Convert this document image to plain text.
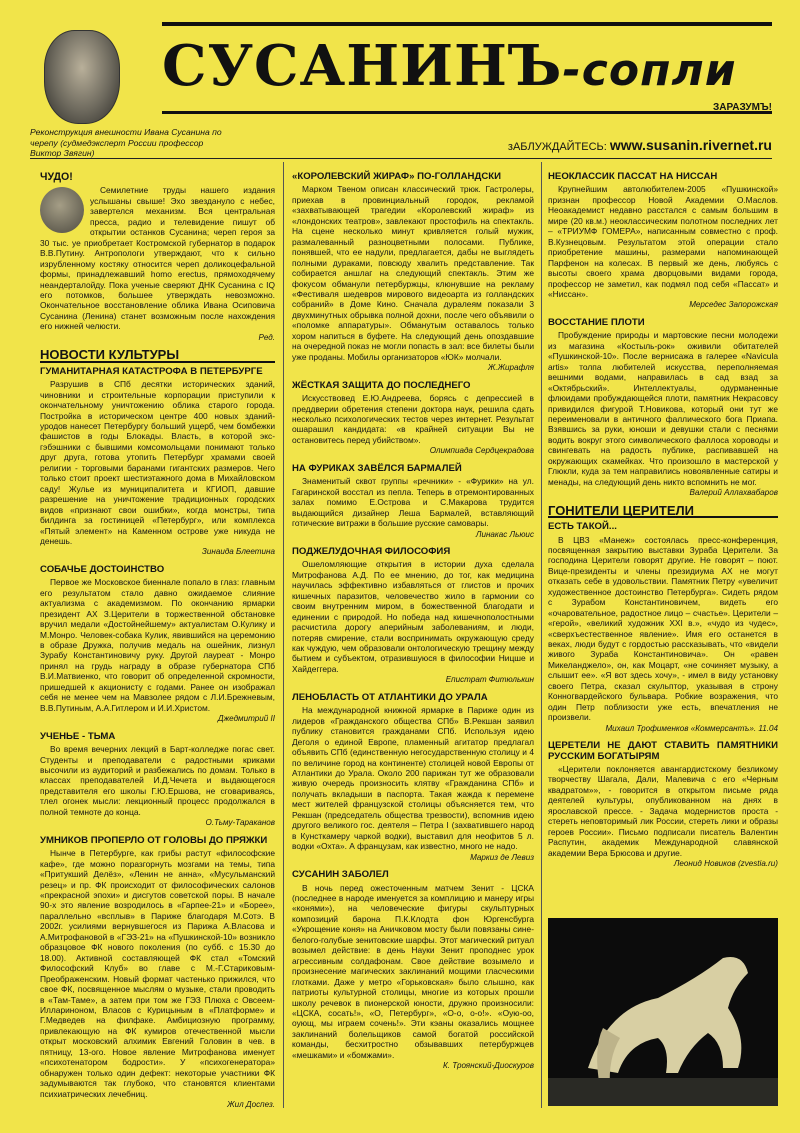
Реконструкция внешности Ивана Сусанина по черепу (судмедэксперт России профессор Виктор Звягин)
СУСАНИНЪ-сопли
ЗАРАЗУМЪ!
зАБЛУЖДАЙТЕСЬ: www.susanin.rivernet.ru
ЧУДО!

Семилетние труды нашего издания услышаны свыше! Эхо звездануло с небес, завертелся механизм. Вся центральная пресса, радио и телевидение пишут об открытии останков Сусанина; череп героя за 30 тыс. уе приобретает Костромской губернатор в подарок В.В.Путину. Антропологи утверждают, что к сильно изрубленному костяку относится череп доликоцефальной формы, принадлежавший homo erectus, прямоходячему неандерталойду. Пока ученые сверяют ДНК Сусанина с IQ его потомков, большее утверждать невозможно. Окончательное восстановление облика Ивана Осиповича Сусанина (Ленина) станет возможным после нахождения его нижней челюсти.

Ред.
НОВОСТИ КУЛЬТУРЫ
ГУМАНИТАРНАЯ КАТАСТРОФА В ПЕТЕРБУРГЕ

Разрушив в СПб десятки исторических зданий, чиновники и строительные корпорации приступили к окончательному уничтожению облика старого города. Постройка в историческом центре 400 новых зданий-уродов нанесет Петербургу больший ущерб, чем бомбежки фашистов в годы Блокады. Власть, в которой экс-гэбэшники с бывшими комсомольцами понимают только друг друга, готова утопить Петербург храмами своей религии - торговыми баранами гигантских размеров. Чего только стоит проект шестиэтажного дома в Михайловском саду! Жулье из муниципалитета и КГИОП, давшие разрешение на уничтожение традиционных городских видов «признают свои ошибки», когда монстры, типа билдинга за гостиницей «Петербург», или комплекса «Пятый элемент» на Каменном острове уже никуда не денешь.

Зинаида Блеетина
СОБАЧЬЕ ДОСТОИНСТВО

Первое же Московское биеннале попало в глаз: главным его результатом стало давно ожидаемое слияние актуализма с академизмом. По окончанию ярмарки президент АХ З.Церители в торжественной обстановке вручил медали «Достойнейшему» актуалистам О.Кулику и М.Монро. Человек-собака Кулик, явившийся на церемонию в образе Дружка, получив медаль на ошейник, лизнул Зурабу Константиновичу руку. Другой лауреат - Монро принял на грудь награду в образе губернатора СПб В.И.Матвиенко, что говорит об определенной скромности, пришедшей к акционисту с годами. Ранее он изображал себя не менее чем на Мавзолее рядом с Л.И.Брежневым, В.В.Путиным, А.А.Гитлером и И.И.Христом.

Джедмитрий II
УЧЕНЬЕ - ТЬМА

Во время вечерних лекций в Барт-колледже погас свет. Студенты и преподаватели с радостными криками высочили из аудиторий и разбежались по домам. Только в классах преподавателей И.Д.Чечета и выдающегося представителя его школы Г.Ю.Ершова, не сговариваясь, тлел огонек мысли: лекционный процесс продолжался в полной темноте до конца.

О.Тьму-Тараканов
УМНИКОВ ПРОПЕРЛО ОТ ГОЛОВЫ ДО ПРЯЖКИ

Нынче в Петербурге, как грибы растут «философские кафе», где можно поразгорнуть мозгами на темы, типа «Притукший Делёз», «Ленин не анна», «Мусульманский резец» и пр. ФК происходит от философических салонов «прекрасной эпохи» и дисгутов советской поры. В начале 90-х это явление возродилось в «Гарпее-21» и «Борее», параллельно «всплыв» в Париже благодаря М.Сотэ. В 2002г. усилиями вернувшегося из Парижа А.Власова и А.Митрофановой в «ГЭЗ-21» на «Пушкинской-10» возникло образцовое ФК нового поколения (по субб. с 15.30 до 18.00). Активной составляющей ФК стал «Томский Философский Клуб» во главе с М.-Г.Стариковым-Преображенским. Новый формат частенько прижился, что свое ФК, посвященное мыслям о музыке, стали проводить в «Там-Таме», а затем при том же ГЭЗ Плюха с Овсеем-Иллариноном, Власов с Курицыным в «Платформе» и Г.Медведев на филфаке. Амбициозную программу, привлекающую на ФК кумиров отечественной мысли открыт московский алхимик Евгений Головин в чев. в пятницу, 13-ого. Новое явление Митрофанова именует «психотенатором бодрости». У «психогенератора» обнаружен только один дефект: некоторые участники ФК задумываются так глубоко, что становятся клиентами психиатрических лечебниц.

Жил Доспез.
«КОРОЛЕВСКИЙ ЖИРАФ» ПО-ГОЛЛАНДСКИ

Марком Твеном описан классический трюк. Гастролеры, приехав в провинциальный городок, рекламой «захватывающей трагедии «Королевский жираф» из «лондонских театров», завлекают простофиль на спектакль. На сцене несколько минут кривляется голый мужик, размалеванный разноцветными полосами. Публике, понявшей, что ее надули, предлагается, дабы не выглядеть полными дураками, повсюду хвалить представление. Так собирается аншлаг на следующий спектакль. Этим же фокусом обманули петербуржцы, клюнувшие на рекламу «Фестиваля шедевров мирового видеоарта из голландских собраний» в Доме Кино. Сначала дуралеям показали 3 двухминутных обрывка полной дохни, после чего объявили о «поломке аппаратуры». Обманутым оставалось только хором напиться в буфете. На следующий день опоздавшие на очередной показ не могли попасть в зал: все билеты были уже проданы. Мобилы организаторов «ЮК» молчали.

Ж.Жирафля
ЖЁСТКАЯ ЗАЩИТА ДО ПОСЛЕДНЕГО

Искусствовед Е.Ю.Андреева, борясь с депрессией в преддверии обретения степени доктора наук, решила сдать несколько психологических тестов через интернет. Результат ошарашил кандидата: «в крайней ситуации Вы не остановитесь перед убийством».

Олимпиада Сердцекрадова
НА ФУРИКАХ ЗАВЁЛСЯ БАРМАЛЕЙ

Знаменитый сквот группы «речники» - «Фурики» на ул. Гагаринской восстал из пепла. Теперь в отремонтированных залах помимо Е.Острова и С.Макарова трудится выдающийся дизайнер Леша Бармалей, вставляющий готические витражи в большие русские самовары.

Линакас Льюис
ПОДЖЕЛУДОЧНАЯ ФИЛОСОФИЯ

Ошеломляющие открытия в истории духа сделала Митрофанова А.Д. По ее мнению, до тог, как медицина научилась эффективно избавляться от глистов и прочих кишечных паразитов, человечество жило в гармонии со своим внутренним миром, в божественной благодати и единении с природой. Но победа над кишечнополостными расчистила дорогу аперийным заболеваниям, и люди, потеряв смирение, стали воспринимать окружающую среду как чуждую, чем образовали онтологическую трещину между бытием и субъектом, отразившуюся в философии Ницше и Хайдеггера.

Епистрат Фитюлькин
ЛЕНОБЛАСТЬ ОТ АТЛАНТИКИ ДО УРАЛА

На международной книжной ярмарке в Париже один из лидеров «Гражданского общества СПб» В.Рекшан заявил публику становится гражданами СПб. Используя идею Деголя о единой Европе, пламенный агитатор предлагал объявить СПб (единственную негосударственную столицу и 4 по величине город на континенте) столицей новой Европы от Атлантики до Урала. Около 200 парижан тут же образовали живую очередь произносить клятву «Гражданина СПб» и получать вкладыши в паспорта. Такая жажда к перемене мест жителей французской столицы объясняется тем, что Рекшан (председатель общества трезвости), вспомнив идею другого великого гос. деятеля – Петра I (захватившего народ в Кунсткамеру чаркой водки), выставил для неофитов 5 л. водки «Охта». А французам, как известно, много не надо.

Маркиз де Левиз
СУСАНИН ЗАБОЛЕЛ

В ночь перед ожесточенным матчем Зенит - ЦСКА (последнее в народе именуется за комплицию и манеру игры «конями»), на человеческие фигуры скульптурных композиций барона П.К.Клодта фон Юргенсбурга «Укрощение коня» на Аничковом мосту были повязаны сине-белого-голубые зенитовские шарфы. Этот магический ритуал возымел действие: в день Науки Зенит проподнес урок агрессивным солдафонам. Свое действие возымело и произнесение магических заклинаний мощими гласческими глотками. Даже у метро «Горьковская» было слышно, как патриоты культурной столицы, многие из которых прошли школу речевок в пионерской юности, дружно произносили: «ЦСКА, сосать!», «О, Петербург», «О-о, о-о!». «Оую-оо, оующ, мы играем сочень!». Эти кэаны оказались мощнее заклинаний болельщиков самой богатой российской команды, бесхитростно обзывавших петербуржцев «мешками» и «бомжами».

К. Троянский-Диоскуров
НЕОКЛАССИК ПАССАТ НА НИССАН

Крупнейшим автолюбителем-2005 «Пушкинской» признан профессор Новой Академии О.Маслов. Неоакадемист недавно расстался с самым большим в мире (20 кв.м.) неоклассическим полотном последних лет – «ТРИУМФ ГОМЕРА», написанным совместно с проф. В.Кузнецовым. Результатом этой операции стало приобретение машины, размерами напоминающей Парфенон на колесах. В первый же день, любуясь с высоты своего храма дворцовыми видами города, профессор не заметил, как подмял под себя «Пассат» и «Ниссан».

Мерседес Запорожская
ВОССТАНИЕ ПЛОТИ

Пробуждение природы и мартовские песни молодежи из магазина «Костыль-рок» оживили обитателей «Пушкинской-10». После вернисажа в галерее «Navicula artis» толпа любителей искусства, переполняемая вешними водами, направилась в сад взад за «Октябрьский». Интеллектуалы, одурманенные флюидами пробуждающейся плоти, памятник Некрасовсу привидился фигурой Т.Новикова, который они тут же переименовали в античного фаллического бога Приапа. Взявшись за руки, юноши и девушки стали с песнями водить вокруг этого символического фаллоса хороводы и свингевать на радость публике, распивавшей на окружающих скамейках. Что произошло в мастерской у Глюкли, куда за тем направились новоявленные сатиры и менады, на следующий день никто вспомнить не мог.

Валерий Аллахвабаров
ГОНИТЕЛИ ЦЕРИТЕЛИ
ЕСТЬ ТАКОЙ...

В ЦВЗ «Манеж» состоялась пресс-конференция, посвященная закрытию выставки Зураба Церители. За господина Церители говорят другие. Не говорят – поют. Вице-президенты и члены президиума АХ не могут отказать себе в удовольствии. Памятник Петру «увеличит художественное достоинство Петербурга». Сидеть рядом с Зурабом Константиновичем, видеть его «очаровательное, радостное лицо – счастье». Церители – «герой», «великий художник XXI в.», «чудо из чудес», «сверхъестественное явление». Имя его останется в веках, люди будут с гордостью рассказывать, что «видели живого Зураба Константиновича». Он «равен Микеланджело», он, как Моцарт, «не сочиняет музыку, а слышит ее». «Я вот здесь хочу», - имел в виду установку своего Петра, сказал скульптор, указывая в строну Конногвардейского бульвара. Робкие возражения, что один Петр поблизости уже есть, впечатления не произвели.

Михаил Трофименков «Коммерсантъ». 11.04
ЦЕРЕТЕЛИ НЕ ДАЮТ СТАВИТЬ ПАМЯТНИКИ РУССКИМ БОГАТЫРЯМ

«Церители поклоняется авангардистскому безликому творчеству Шагала, Дали, Малевича с его «Черным квадратом»», - говорится в открытом письме ряда деятелей культуры, опубликованном на днях в ярославской прессе. - Задача модернистов проста - стереть неповторимый лик России, стереть лики и образы героев России». Письмо подписали писатель Валентин Распутин, академик Международной славянской академии Вера Брюсова и другие.

Леонид Новиков (zvestia.ru)
